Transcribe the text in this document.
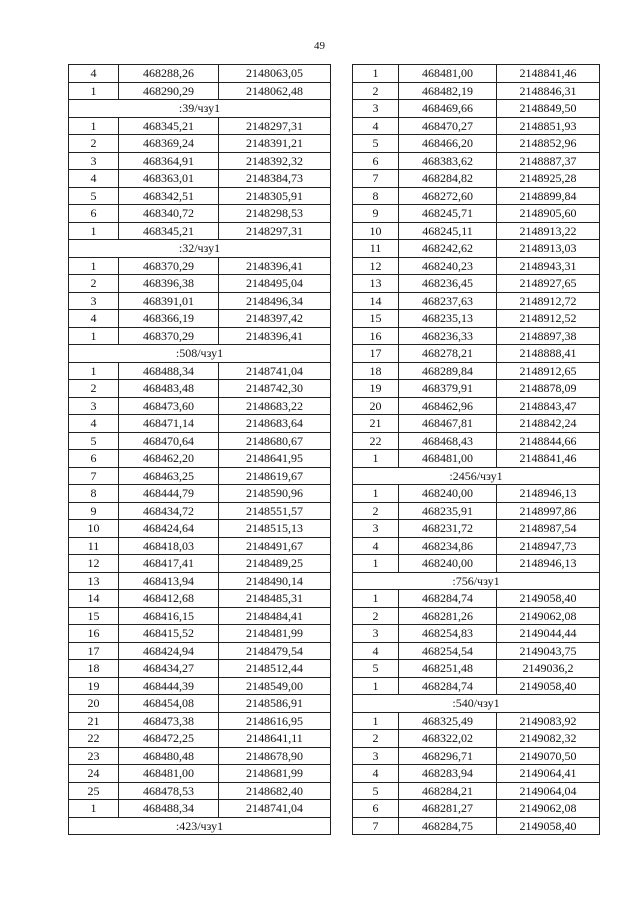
49
4	468288,26	2148063,05
1	468290,29	2148062,48
:39/чзу1		
1	468345,21	2148297,31
2	468369,24	2148391,21
3	468364,91	2148392,32
4	468363,01	2148384,73
5	468342,51	2148305,91
6	468340,72	2148298,53
1	468345,21	2148297,31
:32/чзу1		
1	468370,29	2148396,41
2	468396,38	2148495,04
3	468391,01	2148496,34
4	468366,19	2148397,42
1	468370,29	2148396,41
:508/чзу1		
1	468488,34	2148741,04
2	468483,48	2148742,30
3	468473,60	2148683,22
4	468471,14	2148683,64
5	468470,64	2148680,67
6	468462,20	2148641,95
7	468463,25	2148619,67
8	468444,79	2148590,96
9	468434,72	2148551,57
10	468424,64	2148515,13
11	468418,03	2148491,67
12	468417,41	2148489,25
13	468413,94	2148490,14
14	468412,68	2148485,31
15	468416,15	2148484,41
16	468415,52	2148481,99
17	468424,94	2148479,54
18	468434,27	2148512,44
19	468444,39	2148549,00
20	468454,08	2148586,91
21	468473,38	2148616,95
22	468472,25	2148641,11
23	468480,48	2148678,90
24	468481,00	2148681,99
25	468478,53	2148682,40
1	468488,34	2148741,04
:423/чзу1		
1	468481,00	2148841,46
2	468482,19	2148846,31
3	468469,66	2148849,50
4	468470,27	2148851,93
5	468466,20	2148852,96
6	468383,62	2148887,37
7	468284,82	2148925,28
8	468272,60	2148899,84
9	468245,71	2148905,60
10	468245,11	2148913,22
11	468242,62	2148913,03
12	468240,23	2148943,31
13	468236,45	2148927,65
14	468237,63	2148912,72
15	468235,13	2148912,52
16	468236,33	2148897,38
17	468278,21	2148888,41
18	468289,84	2148912,65
19	468379,91	2148878,09
20	468462,96	2148843,47
21	468467,81	2148842,24
22	468468,43	2148844,66
1	468481,00	2148841,46
:2456/чзу1		
1	468240,00	2148946,13
2	468235,91	2148997,86
3	468231,72	2148987,54
4	468234,86	2148947,73
1	468240,00	2148946,13
:756/чзу1		
1	468284,74	2149058,40
2	468281,26	2149062,08
3	468254,83	2149044,44
4	468254,54	2149043,75
5	468251,48	2149036,2
1	468284,74	2149058,40
:540/чзу1		
1	468325,49	2149083,92
2	468322,02	2149082,32
3	468296,71	2149070,50
4	468283,94	2149064,41
5	468284,21	2149064,04
6	468281,27	2149062,08
7	468284,75	2149058,40
